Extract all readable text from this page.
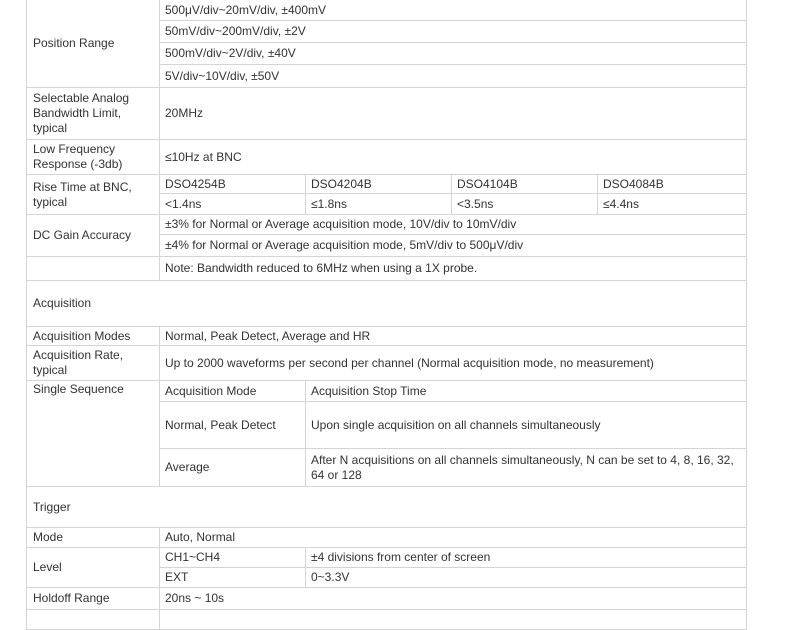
Position Range	500μV/div~20mV/div, ±400mV			
	50mV/div~200mV/div, ±2V			
	500mV/div~2V/div, ±40V			
	5V/div~10V/div, ±50V			
Selectable Analog Bandwidth Limit, typical	20MHz			
Low Frequency Response (-3db)	≤10Hz at BNC			
Rise Time at BNC, typical	DSO4254B	DSO4204B	DSO4104B	DSO4084B
	<1.4ns	≤1.8ns	<3.5ns	≤4.4ns
DC Gain Accuracy	±3% for Normal or Average acquisition mode, 10V/div to 10mV/div			
	±4% for Normal or Average acquisition mode, 5mV/div to 500μV/div			
	Note: Bandwidth reduced to 6MHz when using a 1X probe.			
Acquisition				
Acquisition Modes	Normal, Peak Detect, Average and HR			
Acquisition Rate, typical	Up to 2000 waveforms per second per channel (Normal acquisition mode, no measurement)			
Single Sequence	Acquisition Mode	Acquisition Stop Time		
	Normal, Peak Detect	Upon single acquisition on all channels simultaneously		
	Average	After N acquisitions on all channels simultaneously, N can be set to 4, 8, 16, 32, 64 or 128		
Trigger				
Mode	Auto, Normal			
Level	CH1~CH4	±4 divisions from center of screen		
	EXT	0~3.3V		
Holdoff Range	20ns ~ 10s			
